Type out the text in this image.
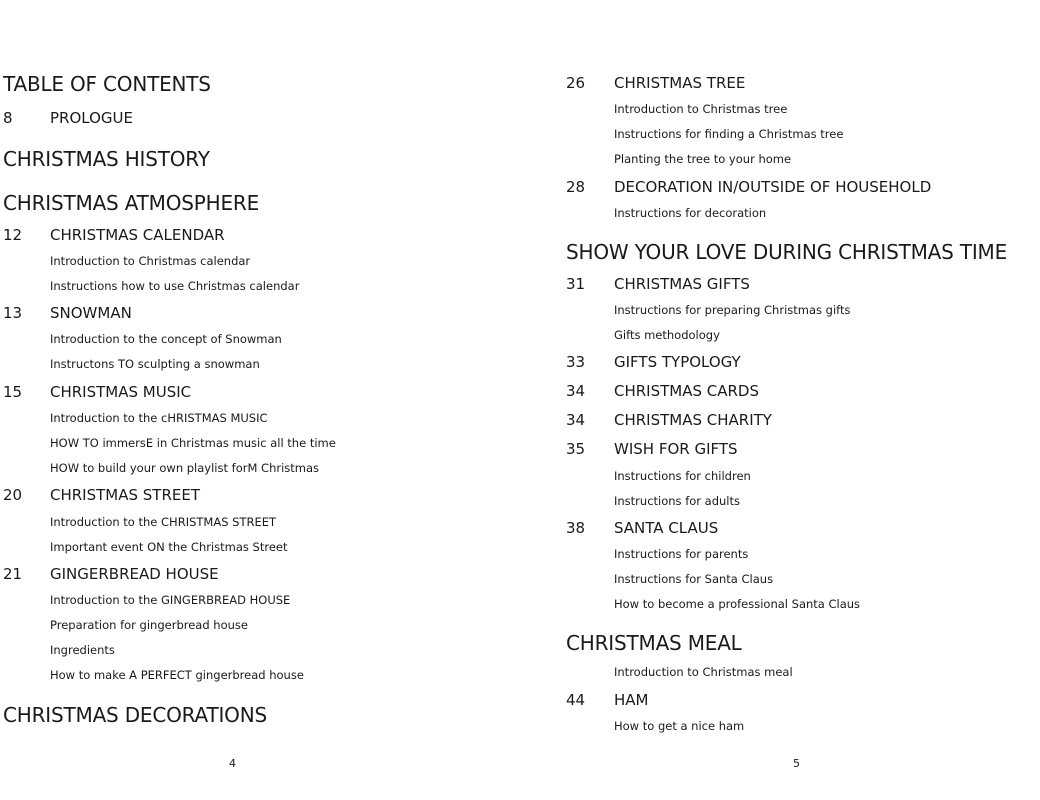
TABLE OF CONTENTS
8 PROLOGUE
CHRISTMAS HISTORY
CHRISTMAS ATMOSPHERE
12 CHRISTMAS CALENDAR
Introduction to Christmas calendar
Instructions how to use Christmas calendar
13 SNOWMAN
Introduction to the concept of Snowman
Instructons TO sculpting a snowman
15 CHRISTMAS MUSIC
Introduction to the cHRISTMAS MUSIC
HOW TO immersE in Christmas music all the time
HOW to build your own playlist forM Christmas
20 CHRISTMAS STREET
Introduction to the CHRISTMAS STREET
Important event ON the Christmas Street
21 GINGERBREAD HOUSE
Introduction to the GINGERBREAD HOUSE
Preparation for gingerbread house
Ingredients
How to make A PERFECT gingerbread house
CHRISTMAS DECORATIONS
4
26 CHRISTMAS TREE
Introduction to Christmas tree
Instructions for finding a Christmas tree
Planting the tree to your home
28 DECORATION IN/OUTSIDE OF HOUSEHOLD
Instructions for decoration
SHOW YOUR LOVE DURING CHRISTMAS TIME
31 CHRISTMAS GIFTS
Instructions for preparing Christmas gifts
Gifts methodology
33 GIFTS TYPOLOGY
34 CHRISTMAS CARDS
34 CHRISTMAS CHARITY
35 WISH FOR GIFTS
Instructions for children
Instructions for adults
38 SANTA CLAUS
Instructions for parents
Instructions for Santa Claus
How to become a professional Santa Claus
CHRISTMAS MEAL
Introduction to Christmas meal
44 HAM
How to get a nice ham
5
